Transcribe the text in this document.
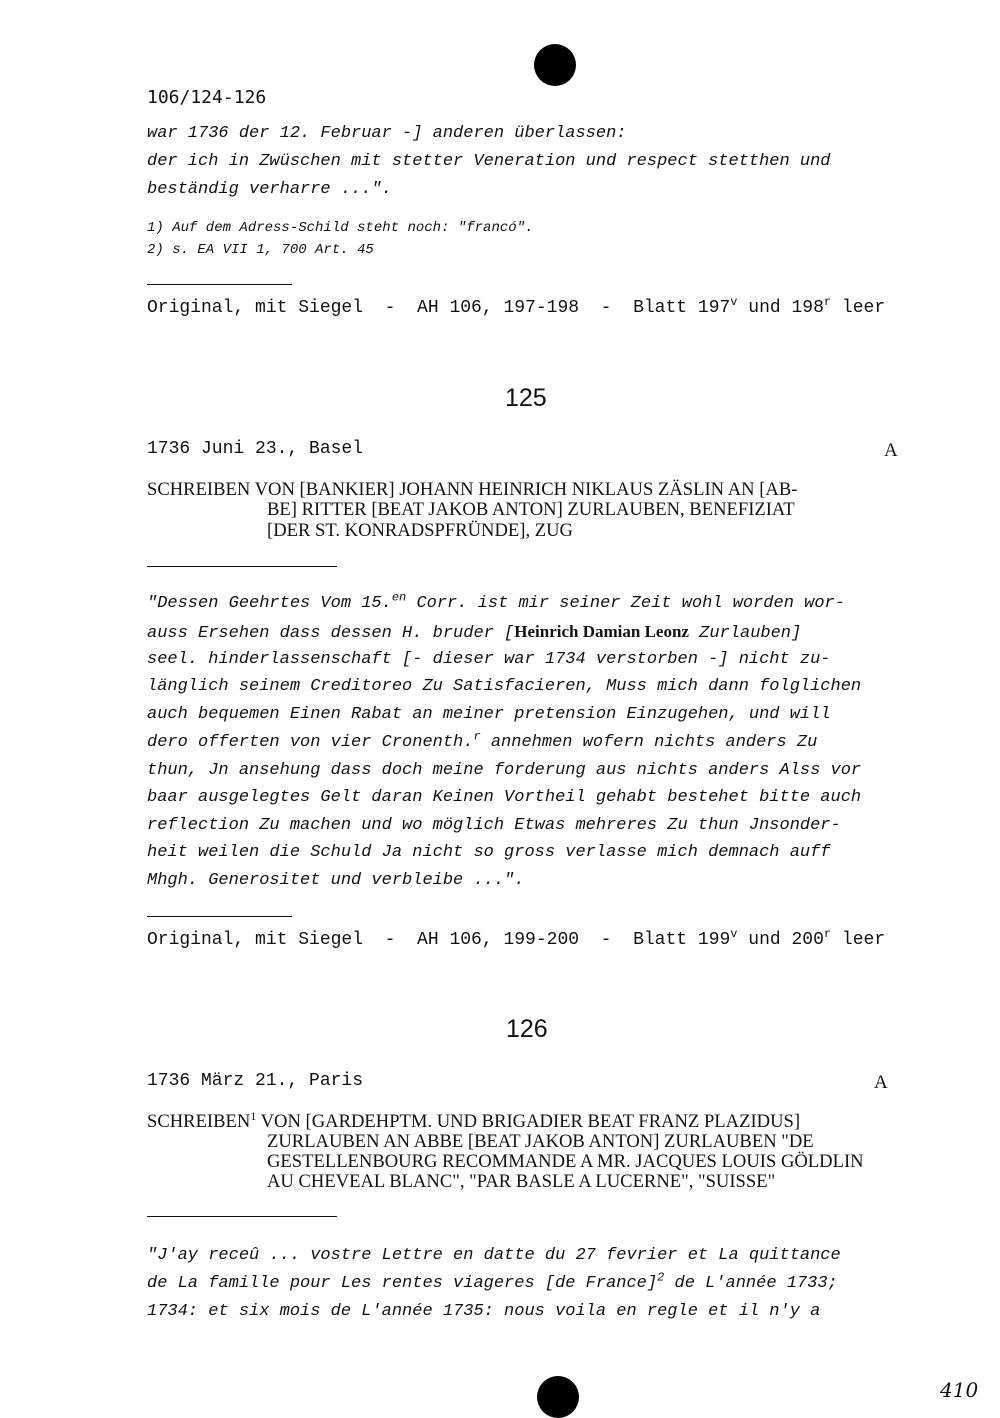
106/124-126
war 1736 der 12. Februar -] anderen überlassen:
der ich in Zwüschen mit stetter Veneration und respect stetthen und
beständig verharre ...".
1) Auf dem Adress-Schild steht noch: "francó".
2) s. EA VII 1, 700 Art. 45
Original, mit Siegel  -  AH 106, 197-198  -  Blatt 197$^v$ und 198$^r$ leer
125
1736 Juni 23., Basel	A
SCHREIBEN VON [BANKIER] JOHANN HEINRICH NIKLAUS ZÄSLIN AN [AB-
BE] RITTER [BEAT JAKOB ANTON] ZURLAUBEN, BENEFIZIAT
[DER ST. KONRADSPFRÜNDE], ZUG
"Dessen Geehrtes Vom 15.$^{en}$ Corr. ist mir seiner Zeit wohl worden wor-
auss Ersehen dass dessen H. bruder [Heinrich Damian Leonz Zurlauben]
seel. hinderlassenschaft [- dieser war 1734 verstorben -] nicht zu-
länglich seinem Creditoreo Zu Satisfacieren, Muss mich dann folglichen
auch bequemen Einen Rabat an meiner pretension Einzugehen, und will
dero offerten von vier Cronenth.$^r$ annehmen wofern nichts anders Zu
thun, Jn ansehung dass doch meine forderung aus nichts anders Alss vor
baar ausgelegtes Gelt daran Keinen Vortheil gehabt bestehet bitte auch
reflection Zu machen und wo möglich Etwas mehreres Zu thun Jnsonder-
heit weilen die Schuld Ja nicht so gross verlasse mich demnach auff
Mhgh. Generositet und verbleibe ...".
Original, mit Siegel  -  AH 106, 199-200  -  Blatt 199$^v$ und 200$^r$ leer
126
1736 März 21., Paris	A
SCHREIBEN$^1$ VON [GARDEHPTM. UND BRIGADIER BEAT FRANZ PLAZIDUS]
ZURLAUBEN AN ABBE [BEAT JAKOB ANTON] ZURLAUBEN "DE
GESTELLENBOURG RECOMMANDE A MR. JACQUES LOUIS GÖLDLIN
AU CHEVEAL BLANC", "PAR BASLE A LUCERNE", "SUISSE"
"J'ay receû ... vostre Lettre en datte du 27 fevrier et La quittance
de La famille pour Les rentes viageres [de France]$^2$ de L'année 1733;
1734: et six mois de L'année 1735: nous voila en regle et il n'y a
410
